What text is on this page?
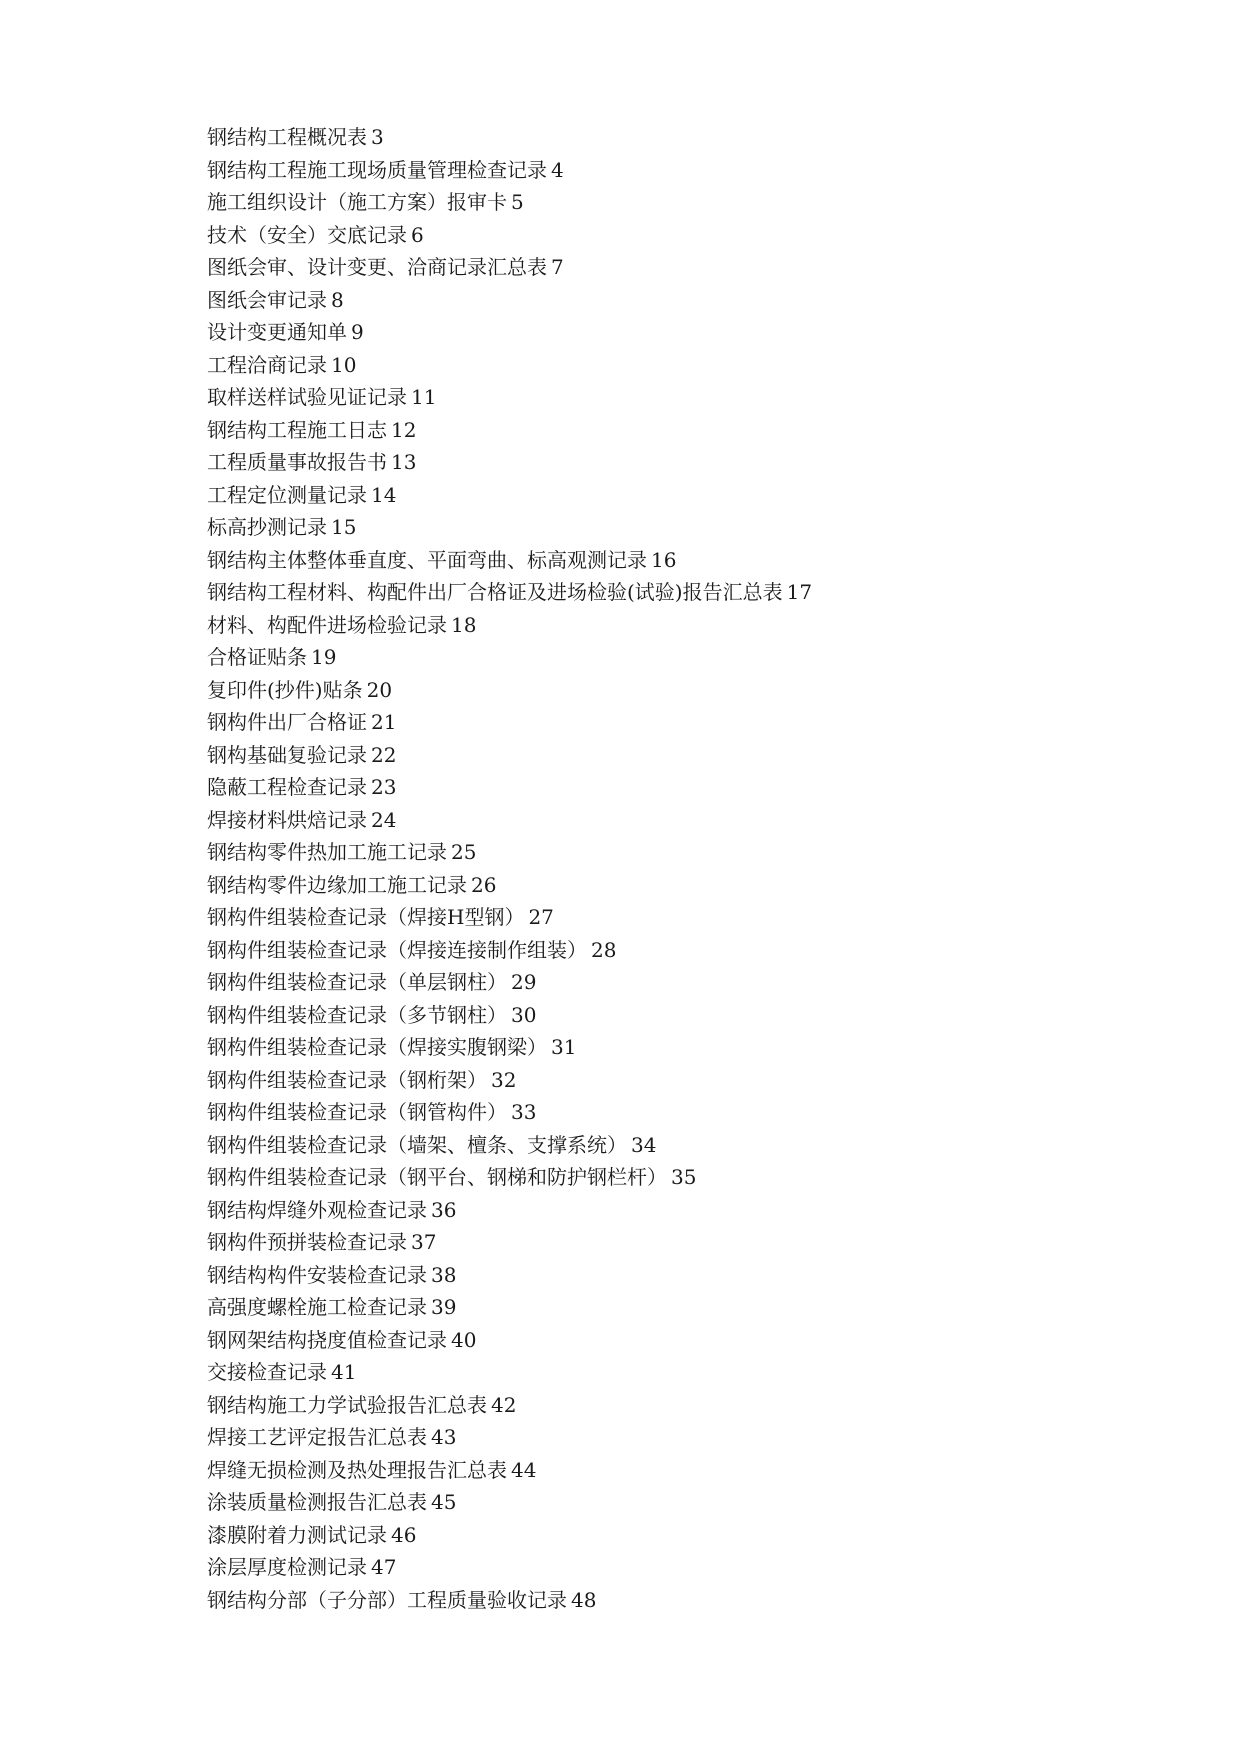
钢结构工程概况表 3
钢结构工程施工现场质量管理检查记录 4
施工组织设计（施工方案）报审卡 5
技术（安全）交底记录 6
图纸会审、设计变更、洽商记录汇总表 7
图纸会审记录 8
设计变更通知单 9
工程洽商记录 10
取样送样试验见证记录 11
钢结构工程施工日志 12
工程质量事故报告书 13
工程定位测量记录 14
标高抄测记录 15
钢结构主体整体垂直度、平面弯曲、标高观测记录 16
钢结构工程材料、构配件出厂合格证及进场检验(试验)报告汇总表 17
材料、构配件进场检验记录 18
合格证贴条 19
复印件(抄件)贴条 20
钢构件出厂合格证 21
钢构基础复验记录 22
隐蔽工程检查记录 23
焊接材料烘焙记录 24
钢结构零件热加工施工记录 25
钢结构零件边缘加工施工记录 26
钢构件组装检查记录（焊接H型钢） 27
钢构件组装检查记录（焊接连接制作组装） 28
钢构件组装检查记录（单层钢柱） 29
钢构件组装检查记录（多节钢柱） 30
钢构件组装检查记录（焊接实腹钢梁） 31
钢构件组装检查记录（钢桁架） 32
钢构件组装检查记录（钢管构件） 33
钢构件组装检查记录（墙架、檀条、支撑系统） 34
钢构件组装检查记录（钢平台、钢梯和防护钢栏杆） 35
钢结构焊缝外观检查记录 36
钢构件预拼装检查记录 37
钢结构构件安装检查记录 38
高强度螺栓施工检查记录 39
钢网架结构挠度值检查记录 40
交接检查记录 41
钢结构施工力学试验报告汇总表 42
焊接工艺评定报告汇总表 43
焊缝无损检测及热处理报告汇总表 44
涂装质量检测报告汇总表 45
漆膜附着力测试记录 46
涂层厚度检测记录 47
钢结构分部（子分部）工程质量验收记录 48
